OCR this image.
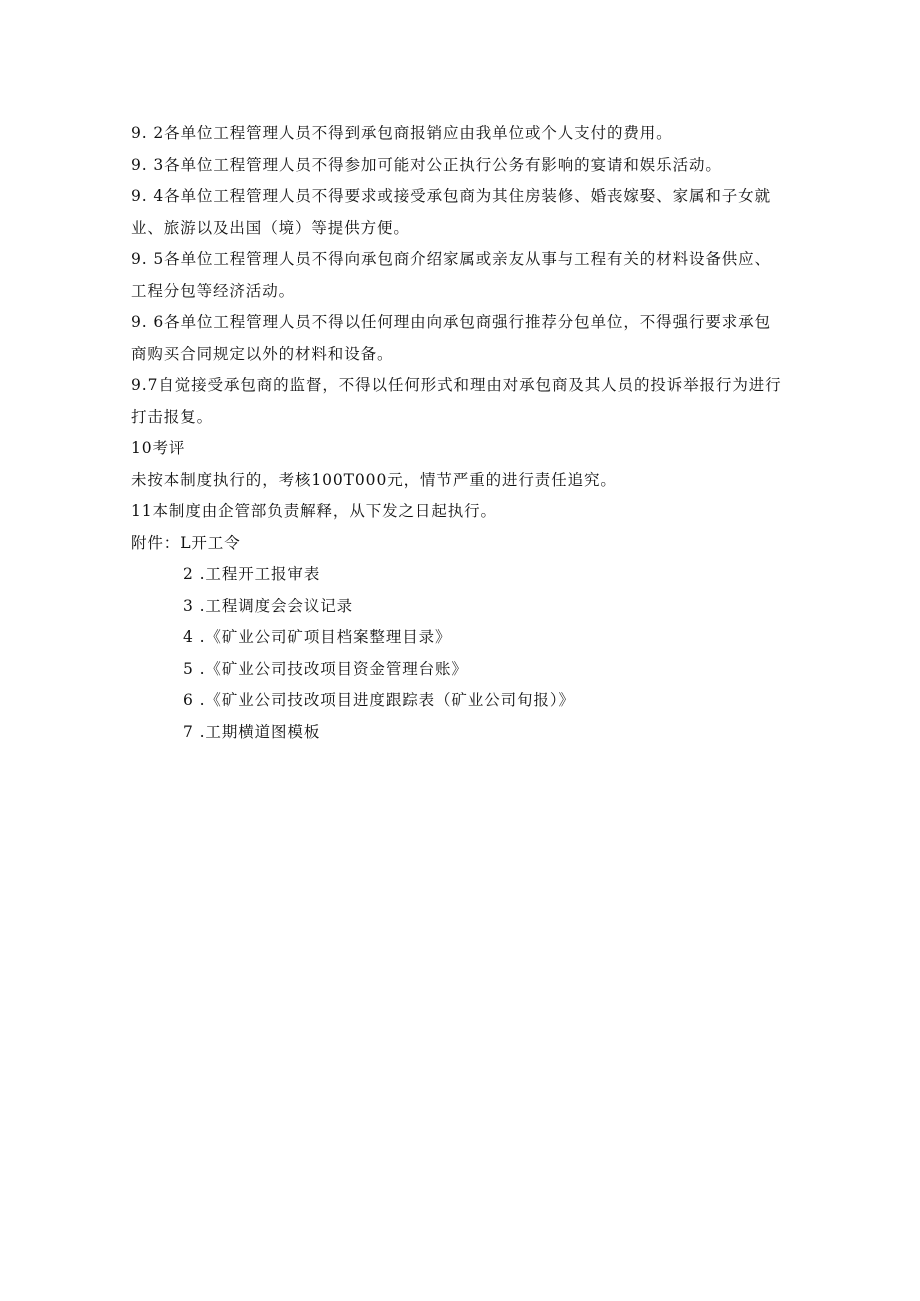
9. 2各单位工程管理人员不得到承包商报销应由我单位或个人支付的费用。

9. 3各单位工程管理人员不得参加可能对公正执行公务有影响的宴请和娱乐活动。

9. 4各单位工程管理人员不得要求或接受承包商为其住房装修、婚丧嫁娶、家属和子女就

业、旅游以及出国（境）等提供方便。

9. 5各单位工程管理人员不得向承包商介绍家属或亲友从事与工程有关的材料设备供应、

工程分包等经济活动。

9. 6各单位工程管理人员不得以任何理由向承包商强行推荐分包单位，不得强行要求承包

商购买合同规定以外的材料和设备。

9.7自觉接受承包商的监督，不得以任何形式和理由对承包商及其人员的投诉举报行为进行

打击报复。

10考评

未按本制度执行的，考核100T000元，情节严重的进行责任追究。

11本制度由企管部负责解释，从下发之日起执行。

附件：L开工令

2 .工程开工报审表
3 .工程调度会会议记录
4 .《矿业公司矿项目档案整理目录》
5 .《矿业公司技改项目资金管理台账》
6 .《矿业公司技改项目进度跟踪表（矿业公司旬报）》
7 .工期横道图模板
